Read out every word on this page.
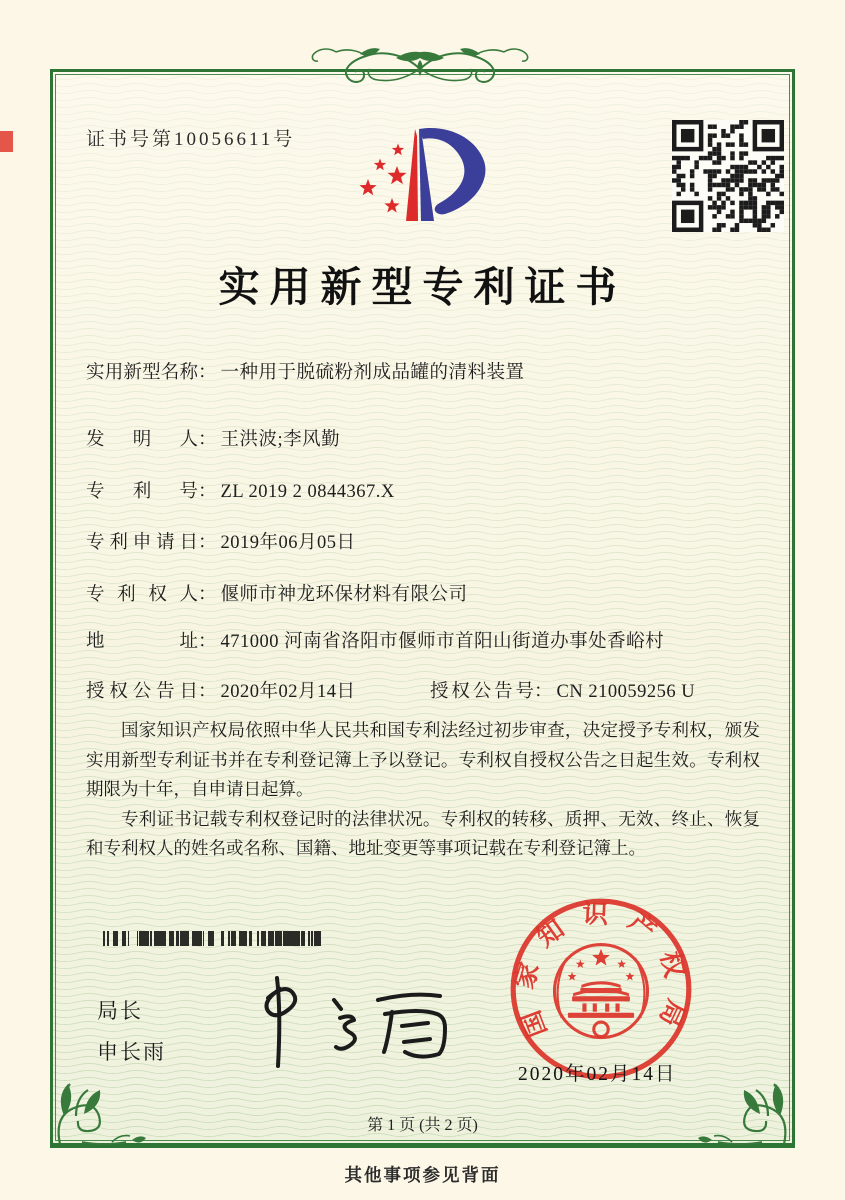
证书号第10056611号
实用新型专利证书
实用新型名称： 一种用于脱硫粉剂成品罐的清料装置
发明人： 王洪波;李风勤
专利号： ZL 2019 2 0844367.X
专利申请日： 2019年06月05日
专利权人： 偃师市神龙环保材料有限公司
地址： 471000 河南省洛阳市偃师市首阳山街道办事处香峪村
授权公告日： 2020年02月14日	授权公告号： CN 210059256 U

国家知识产权局依照中华人民共和国专利法经过初步审查，决定授予专利权，颁发实用新型专利证书并在专利登记簿上予以登记。专利权自授权公告之日起生效。专利权期限为十年，自申请日起算。

专利证书记载专利权登记时的法律状况。专利权的转移、质押、无效、终止、恢复和专利权人的姓名或名称、国籍、地址变更等事项记载在专利登记簿上。

局长
申长雨
国家知识产权局
2020年02月14日
第 1 页 (共 2 页)
其他事项参见背面
